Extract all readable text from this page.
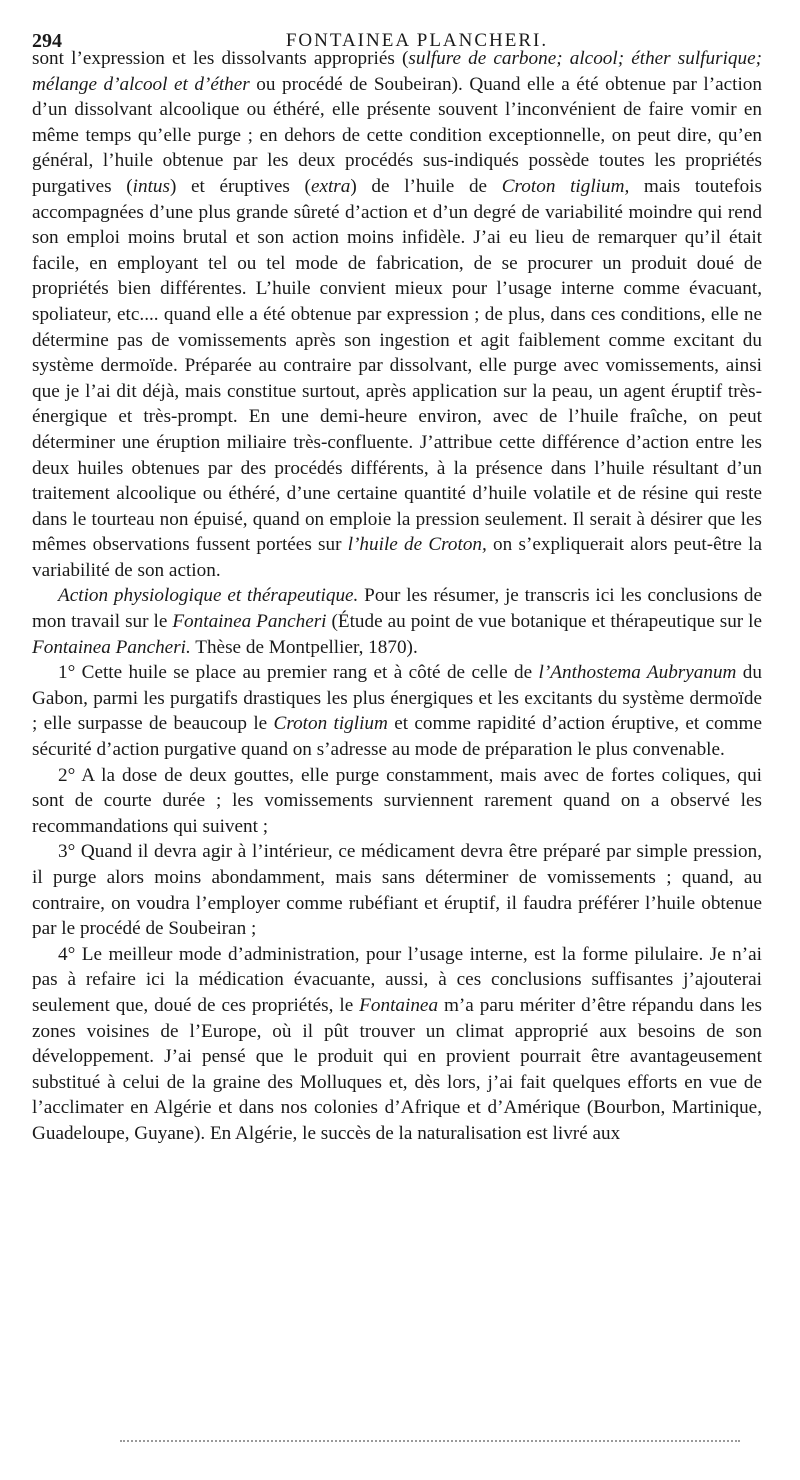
294	FONTAINEA PLANCHERI.

sont l’expression et les dissolvants appropriés (sulfure de carbone; alcool; éther sulfurique; mélange d’alcool et d’éther ou procédé de Soubeiran). Quand elle a été obtenue par l’action d’un dissolvant alcoolique ou éthéré, elle présente souvent l’inconvénient de faire vomir en même temps qu’elle purge ; en dehors de cette condition exceptionnelle, on peut dire, qu’en général, l’huile obtenue par les deux procédés sus-indiqués possède toutes les propriétés purgatives (intus) et éruptives (extra) de l’huile de Croton tiglium, mais toutefois accompagnées d’une plus grande sûreté d’action et d’un degré de variabilité moindre qui rend son emploi moins brutal et son action moins infidèle. J’ai eu lieu de remarquer qu’il était facile, en employant tel ou tel mode de fabrication, de se procurer un produit doué de propriétés bien différentes. L’huile convient mieux pour l’usage interne comme évacuant, spoliateur, etc.... quand elle a été obtenue par expression ; de plus, dans ces conditions, elle ne détermine pas de vomissements après son ingestion et agit faiblement comme excitant du système dermoïde. Préparée au contraire par dissolvant, elle purge avec vomissements, ainsi que je l’ai dit déjà, mais constitue surtout, après application sur la peau, un agent éruptif très-énergique et très-prompt. En une demi-heure environ, avec de l’huile fraîche, on peut déterminer une éruption miliaire très-confluente. J’attribue cette différence d’action entre les deux huiles obtenues par des procédés différents, à la présence dans l’huile résultant d’un traitement alcoolique ou éthéré, d’une certaine quantité d’huile volatile et de résine qui reste dans le tourteau non épuisé, quand on emploie la pression seulement. Il serait à désirer que les mêmes observations fussent portées sur l’huile de Croton, on s’expliquerait alors peut-être la variabilité de son action.

Action physiologique et thérapeutique. Pour les résumer, je transcris ici les conclusions de mon travail sur le Fontainea Pancheri (Étude au point de vue botanique et thérapeutique sur le Fontainea Pancheri. Thèse de Montpellier, 1870).

1° Cette huile se place au premier rang et à côté de celle de l’Anthostema Aubryanum du Gabon, parmi les purgatifs drastiques les plus énergiques et les excitants du système dermoïde ; elle surpasse de beaucoup le Croton tiglium et comme rapidité d’action éruptive, et comme sécurité d’action purgative quand on s’adresse au mode de préparation le plus convenable.

2° A la dose de deux gouttes, elle purge constamment, mais avec de fortes coliques, qui sont de courte durée ; les vomissements surviennent rarement quand on a observé les recommandations qui suivent ;

3° Quand il devra agir à l’intérieur, ce médicament devra être préparé par simple pression, il purge alors moins abondamment, mais sans déterminer de vomissements ; quand, au contraire, on voudra l’employer comme rubéfiant et éruptif, il faudra préférer l’huile obtenue par le procédé de Soubeiran ;

4° Le meilleur mode d’administration, pour l’usage interne, est la forme pilulaire. Je n’ai pas à refaire ici la médication évacuante, aussi, à ces conclusions suffisantes j’ajouterai seulement que, doué de ces propriétés, le Fontainea m’a paru mériter d’être répandu dans les zones voisines de l’Europe, où il pût trouver un climat approprié aux besoins de son développement. J’ai pensé que le produit qui en provient pourrait être avantageusement substitué à celui de la graine des Molluques et, dès lors, j’ai fait quelques efforts en vue de l’acclimater en Algérie et dans nos colonies d’Afrique et d’Amérique (Bourbon, Martinique, Guadeloupe, Guyane). En Algérie, le succès de la naturalisation est livré aux
